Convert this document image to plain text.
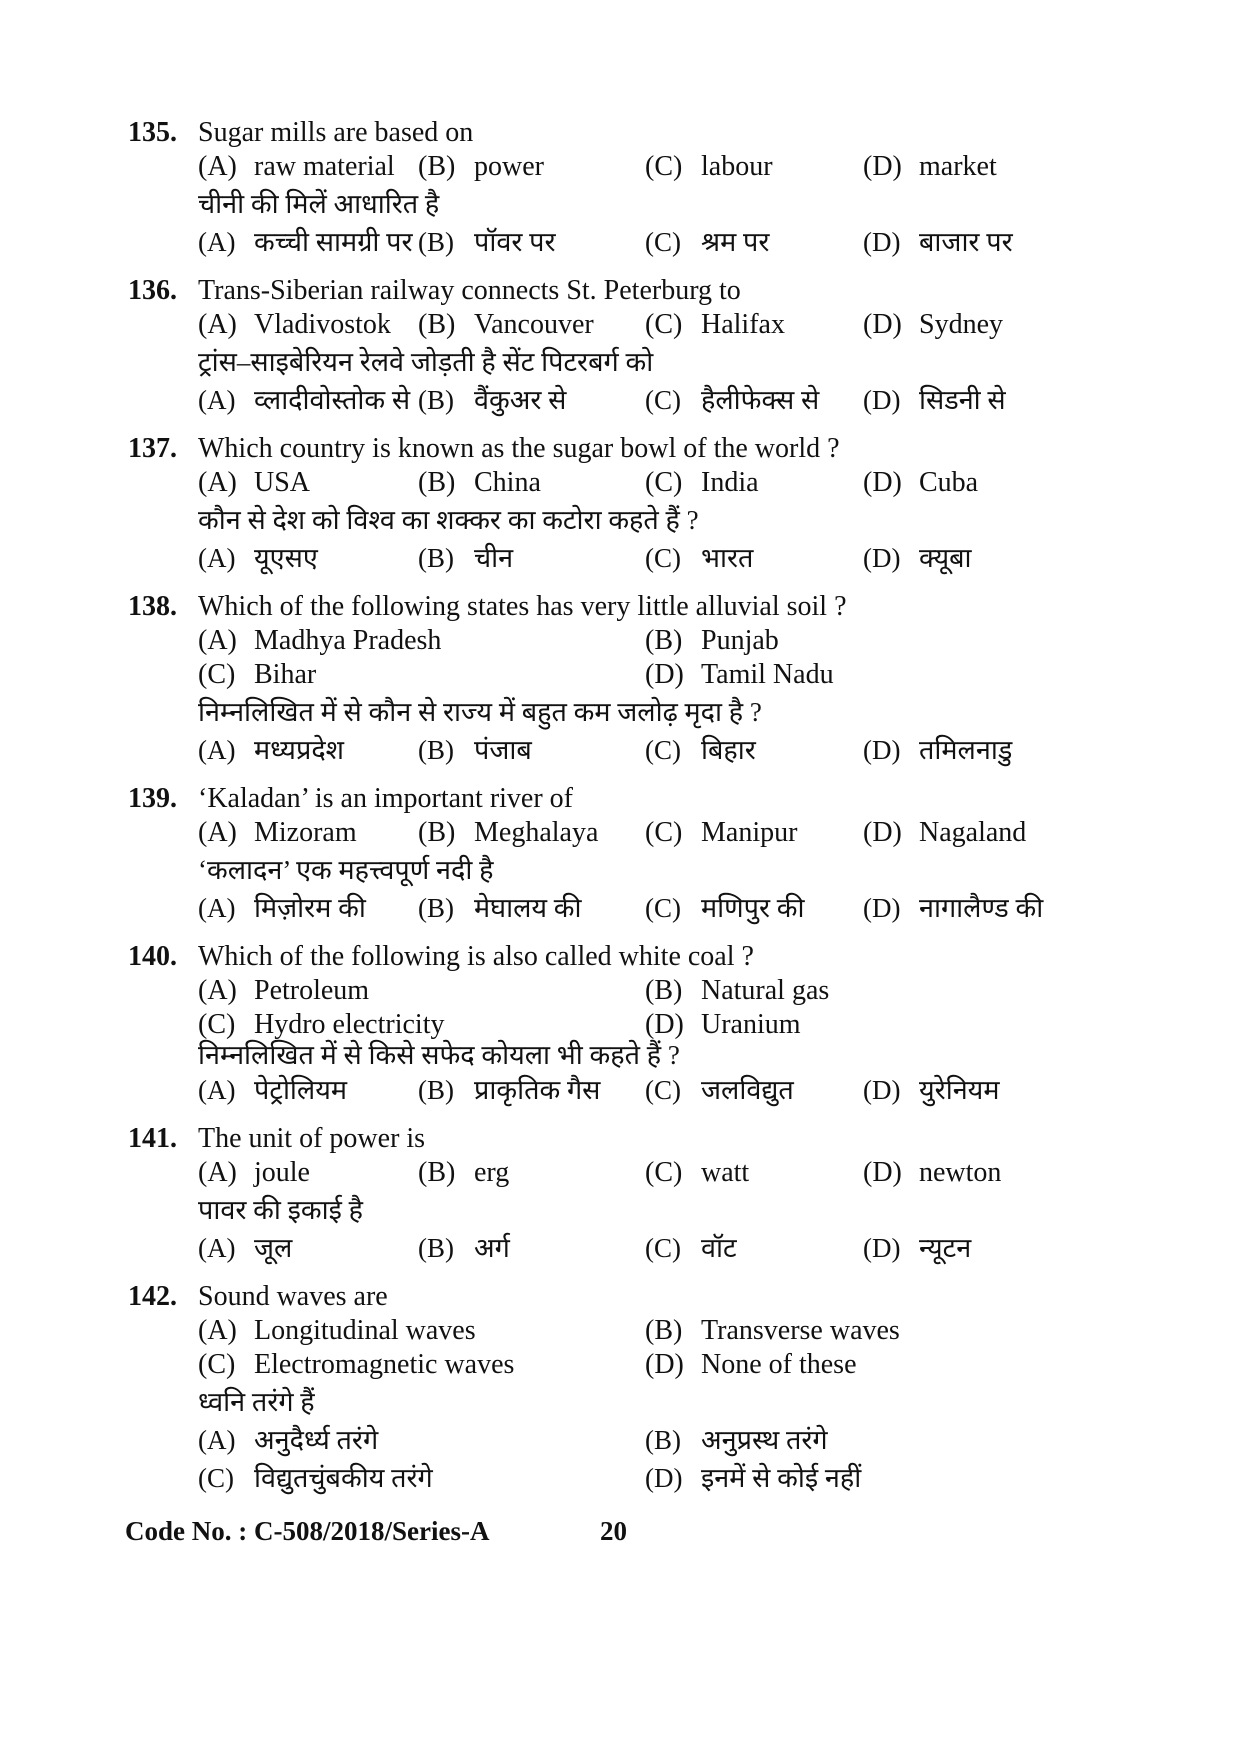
135. Sugar mills are based on
(A) raw material (B) power	(C) labour	(D) market
चीनी की मिलें आधारित है
(A) कच्ची सामग्री पर (B) पॉवर पर	(C) श्रम पर	(D) बाजार पर
136. Trans-Siberian railway connects St. Peterburg to
(A) Vladivostok (B) Vancouver (C) Halifax	(D) Sydney
ट्रांस–साइबेरियन रेलवे जोड़ती है सेंट पिटरबर्ग को
(A) व्लादीवोस्तोक से (B) वैंकुअर से	(C) हैलीफेक्स से (D) सिडनी से
137. Which country is known as the sugar bowl of the world ?
(A) USA	(B) China	(C) India	(D) Cuba
कौन से देश को विश्व का शक्कर का कटोरा कहते हैं ?
(A) यूएसए	(B) चीन	(C) भारत	(D) क्यूबा
138. Which of the following states has very little alluvial soil ?
(A) Madhya Pradesh	(B) Punjab
(C) Bihar	(D) Tamil Nadu
निम्नलिखित में से कौन से राज्य में बहुत कम जलोढ़ मृदा है ?
(A) मध्यप्रदेश	(B) पंजाब	(C) बिहार	(D) तमिलनाडु
139. ‘Kaladan’ is an important river of
(A) Mizoram (B) Meghalaya (C) Manipur (D) Nagaland
‘कलादन’ एक महत्त्वपूर्ण नदी है
(A) मिज़ोरम की (B) मेघालय की (C) मणिपुर की (D) नागालैण्ड की
140. Which of the following is also called white coal ?
(A) Petroleum	(B) Natural gas
(C) Hydro electricity	(D) Uranium
निम्नलिखित में से किसे सफेद कोयला भी कहते हैं ?
(A) पेट्रोलियम	(B) प्राकृतिक गैस (C) जलविद्युत	(D) युरेनियम
141. The unit of power is
(A) joule	(B) erg	(C) watt	(D) newton
पावर की इकाई है
(A) जूल	(B) अर्ग	(C) वॉट	(D) न्यूटन
142. Sound waves are
(A) Longitudinal waves	(B) Transverse waves
(C) Electromagnetic waves	(D) None of these
ध्वनि तरंगे हैं
(A) अनुदैर्ध्य तरंगे	(B) अनुप्रस्थ तरंगे
(C) विद्युतचुंबकीय तरंगे	(D) इनमें से कोई नहीं
Code No. : C-508/2018/Series-A	20
